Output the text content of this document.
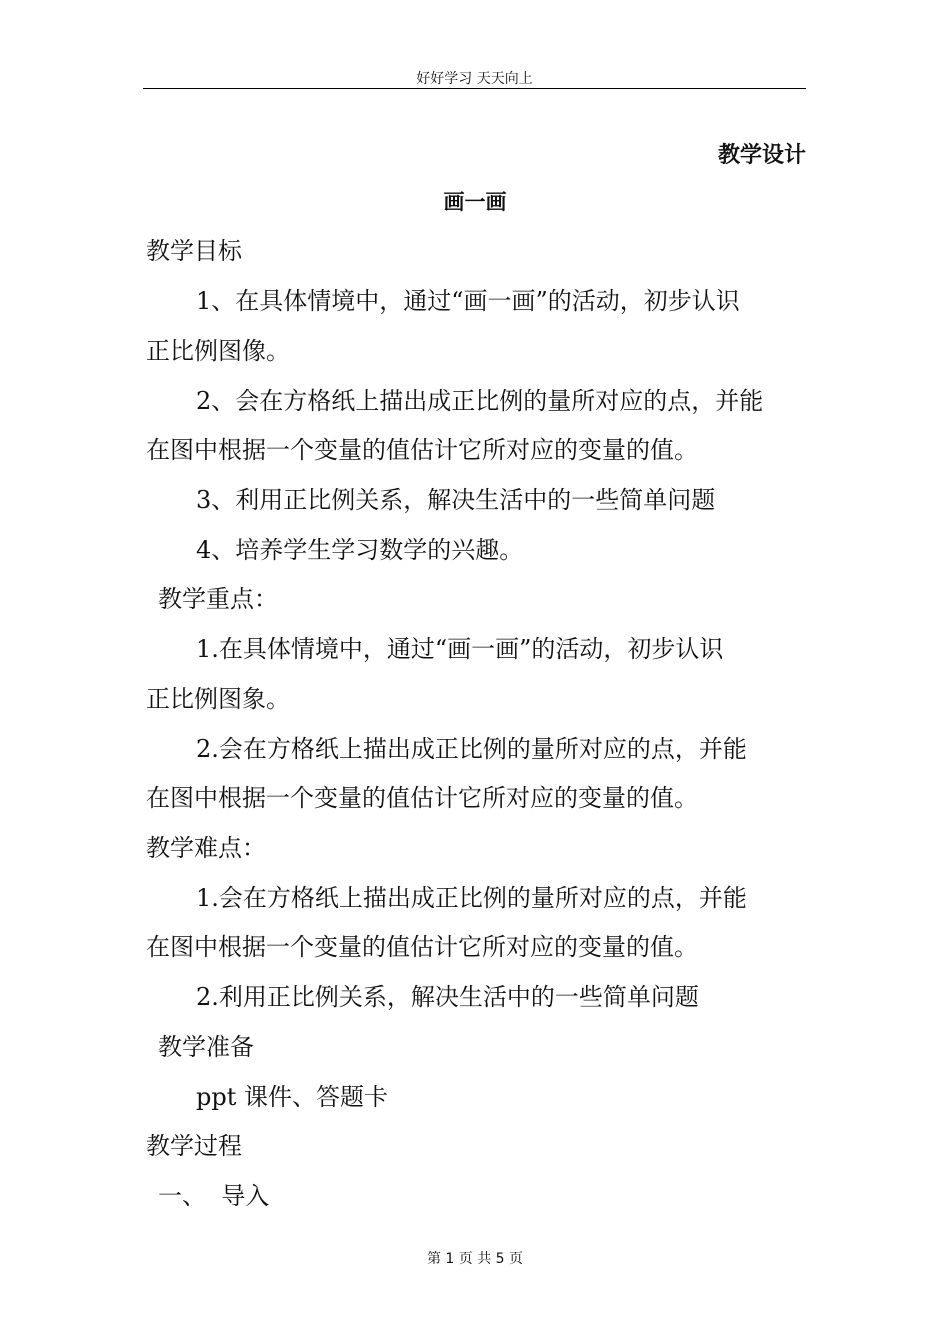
好好学习 天天向上
教学设计
画一画
教学目标
1、在具体情境中，通过“画一画”的活动，初步认识
正比例图像。
2、会在方格纸上描出成正比例的量所对应的点，并能
在图中根据一个变量的值估计它所对应的变量的值。
3、利用正比例关系，解决生活中的一些简单问题
4、培养学生学习数学的兴趣。
教学重点：
1.在具体情境中，通过“画一画”的活动，初步认识
正比例图象。
2.会在方格纸上描出成正比例的量所对应的点，并能
在图中根据一个变量的值估计它所对应的变量的值。
教学难点：
1.会在方格纸上描出成正比例的量所对应的点，并能
在图中根据一个变量的值估计它所对应的变量的值。
2.利用正比例关系，解决生活中的一些简单问题
教学准备
ppt 课件、答题卡
教学过程
一、  导入
第 1 页 共 5 页
